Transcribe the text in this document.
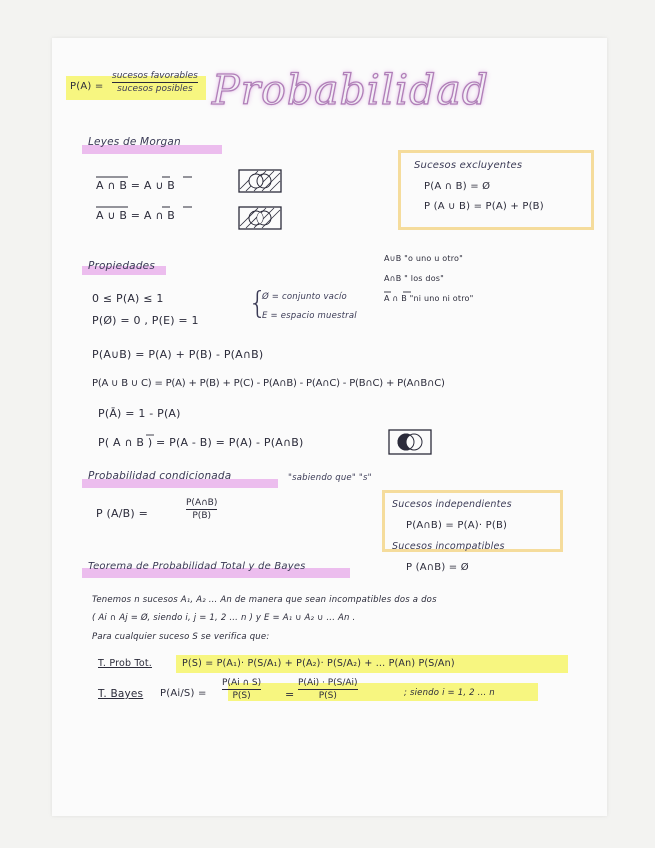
P(A) =
sucesos favorables
sucesos posibles Probabilidad
Leyes de Morgan
A ∩ B = A ∪ B
A ∪ B = A ∩ B
Sucesos excluyentes
P(A ∩ B) = Ø
P (A ∪ B) = P(A) + P(B)
A∪B "o uno u otro"
A∩B " los dos"
A ∩ B "ni uno ni otro"
Propiedades
0 ≤ P(A) ≤ 1
P(Ø) = 0 , P(E) = 1 {
Ø = conjunto vacío
E = espacio muestral
P(A∪B) = P(A) + P(B) - P(A∩B)
P(A ∪ B ∪ C) = P(A) + P(B) + P(C) - P(A∩B) - P(A∩C) - P(B∩C) + P(A∩B∩C)
P(Ā) = 1 - P(A)
P( A ∩ B ) = P(A - B) = P(A) - P(A∩B)
Probabilidad condicionada	"sabiendo que" "s"
P (A/B) =
P(A∩B)
P(B)
Sucesos independientes
P(A∩B) = P(A)· P(B)
Sucesos incompatibles
P (A∩B) = Ø
Teorema de Probabilidad Total y de Bayes
Tenemos n sucesos A₁, A₂ ... An de manera que sean incompatibles dos a dos
( Ai ∩ Aj = Ø, siendo i, j = 1, 2 ... n ) y E = A₁ ∪ A₂ ∪ ... An .
Para cualquier suceso S se verifica que:
T. Prob Tot.	P(S) = P(A₁)· P(S/A₁) + P(A₂)· P(S/A₂) + ... P(An) P(S/An)
T. Bayes P(Ai/S) =
P(Ai ∩ S)
P(S)	=
P(Ai) · P(S/Ai)
P(S)	; siendo i = 1, 2 ... n
